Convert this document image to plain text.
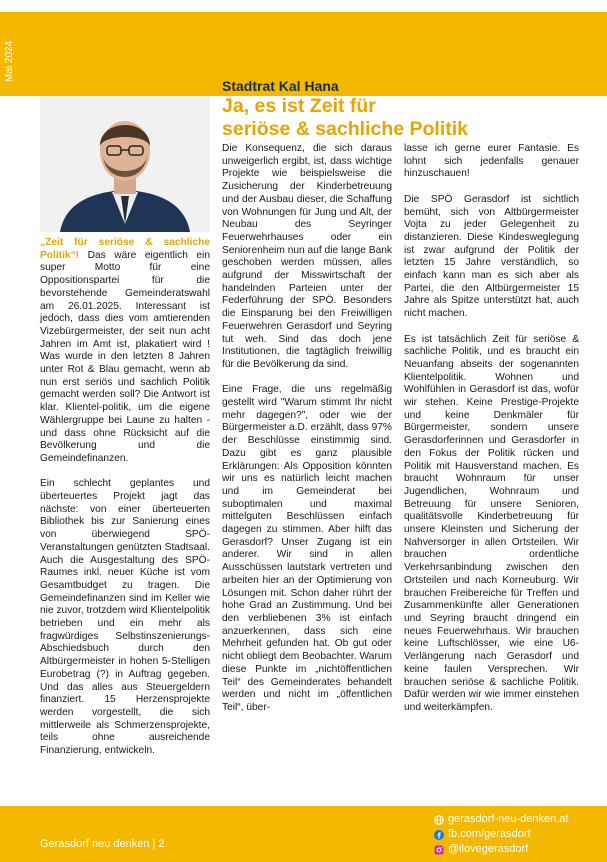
Mai 2024
Stadtrat Kal Hana
Ja, es ist Zeit für
seriöse & sachliche Politik

„Zeit für seriöse & sachliche Politik“! Das wäre eigentlich ein super Motto für eine Oppositionspartei für die bevorstehende Gemeinderatswahl am 26.01.2025. Interessant ist jedoch, dass dies vom amtierenden Vizebürgermeister, der seit nun acht Jahren im Amt ist, plakatiert wird ! Was wurde in den letzten 8 Jahren unter Rot & Blau gemacht, wenn ab nun erst seriös und sachlich Politik gemacht werden soll? Die Antwort ist klar. Klientel-politik, um die eigene Wählergruppe bei Laune zu halten - und dass ohne Rücksicht auf die Bevölkerung und die Gemeindefinanzen.

Ein schlecht geplantes und überteuertes Projekt jagt das nächste: von einer überteuerten Bibliothek bis zur Sanierung eines von überwiegend SPÖ-Veranstaltungen genützten Stadtsaal. Auch die Ausgestaltung des SPÖ-Raumes inkl. neuer Küche ist vom Gesamtbudget zu tragen. Die Gemeindefinanzen sind im Keller wie nie zuvor, trotzdem wird Klientelpolitik betrieben und ein mehr als fragwürdiges Selbstinszenierungs-Abschiedsbuch durch den Altbürgermeister in hohen 5-Stelligen Eurobetrag (?) in Auftrag gegeben. Und das alles aus Steuergeldern finanziert. 15 Herzensprojekte werden vorgestellt, die sich mittlerweile als Schmerzensprojekte, teils ohne ausreichende Finanzierung, entwickeln.

Die Konsequenz, die sich daraus unweigerlich ergibt, ist, dass wichtige Projekte wie beispielsweise die Zusicherung der Kinderbetreuung und der Ausbau dieser, die Schaffung von Wohnungen für Jung und Alt, der Neubau des Seyringer Feuerwehrhauses oder ein Seniorenheim nun auf die lange Bank geschoben werden müssen, alles aufgrund der Misswirtschaft der handelnden Parteien unter der Federführung der SPÖ. Besonders die Einsparung bei den Freiwilligen Feuerwehren Gerasdorf und Seyring tut weh. Sind das doch jene Institutionen, die tagtäglich freiwillig für die Bevölkerung da sind.

Eine Frage, die uns regelmäßig gestellt wird "Warum stimmt Ihr nicht mehr dagegen?", oder wie der Bürgermeister a.D. erzählt, dass 97% der Beschlüsse einstimmig sind. Dazu gibt es ganz plausible Erklärungen: Als Opposition könnten wir uns es natürlich leicht machen und im Gemeinderat bei suboptimalen und maximal mittelguten Beschlüssen einfach dagegen zu stimmen. Aber hilft das Gerasdorf? Unser Zugang ist ein anderer. Wir sind in allen Ausschüssen lautstark vertreten und arbeiten hier an der Optimierung von Lösungen mit. Schon daher rührt der hohe Grad an Zustimmung. Und bei den verbliebenen 3% ist einfach anzuerkennen, dass sich eine Mehrheit gefunden hat. Ob gut oder nicht obliegt dem Beobachter. Warum diese Punkte im „nichtöffentlichen Teil“ des Gemeinderates behandelt werden und nicht im „öffentlichen Teil“, über-

lasse ich gerne eurer Fantasie. Es lohnt sich jedenfalls genauer hinzuschauen!

Die SPÖ Gerasdorf ist sichtlich bemüht, sich von Altbürgermeister Vojta zu jeder Gelegenheit zu distanzieren. Diese Kindesweglegung ist zwar aufgrund der Politik der letzten 15 Jahre verständlich, so einfach kann man es sich aber als Partei, die den Altbürgermeister 15 Jahre als Spitze unterstützt hat, auch nicht machen.

Es ist tatsächlich Zeit für seriöse & sachliche Politik, und es braucht ein Neuanfang abseits der sogenannten Klientelpolitik. Wohnen und Wohlfühlen in Gerasdorf ist das, wofür wir stehen. Keine Prestige-Projekte und keine Denkmäler für Bürgermeister, sondern unsere Gerasdorferinnen und Gerasdorfer in den Fokus der Politik rücken und Politik mit Hausverstand machen. Es braucht Wohnraum für unser Jugendlichen, Wohnraum und Betreuung für unsere Senioren, qualitätsvolle Kinderbetreuung für unsere Kleinsten und Sicherung der Nahversorger in allen Ortsteilen. Wir brauchen ordentliche Verkehrsanbindung zwischen den Ortsteilen und nach Korneuburg. Wir brauchen Freibereiche für Treffen und Zusammenkünfte aller Generationen und Seyring braucht dringend ein neues Feuerwehrhaus. Wir brauchen keine Luftschlösser, wie eine U6-Verlängerung nach Gerasdorf und keine faulen Versprechen. Wir brauchen seriöse & sachliche Politik. Dafür werden wir wie immer einstehen und weiterkämpfen.

Gerasdorf neu denken | 2
gerasdorf-neu-denken.at
fb.com/gerasdorf
@ilovegerasdorf
